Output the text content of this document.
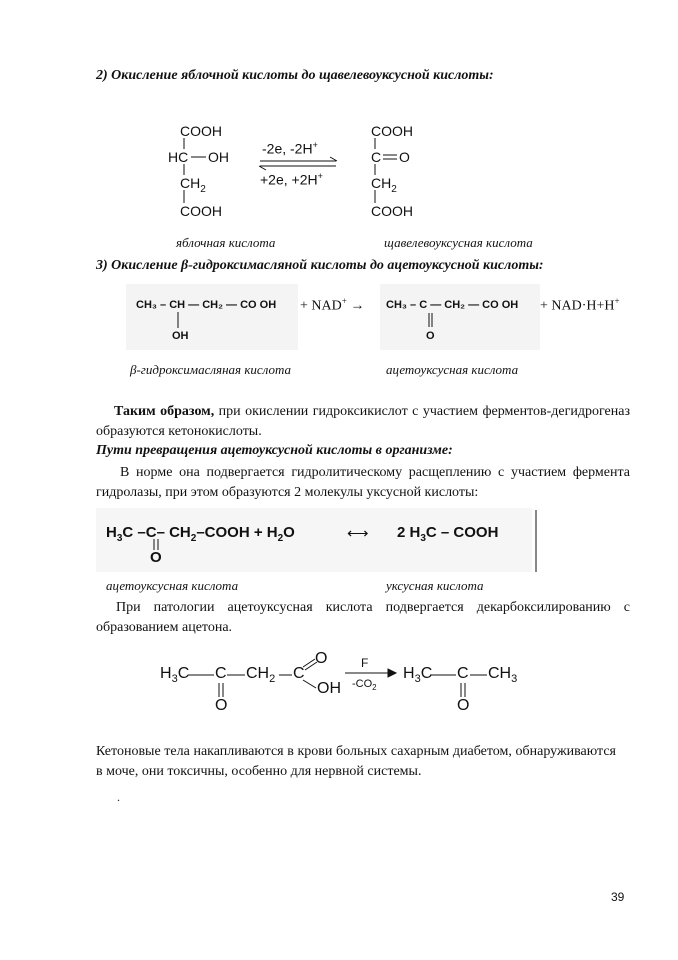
2) Окисление яблочной кислоты до щавелевоуксусной кислоты:
COOH
HC OH
$CH_2$
COOH
-2e, -2H+
+2e, +2H+
COOH
C O
$CH_2$
COOH
яблочная кислота	щавелевоуксусная кислота
3) Окисление β-гидроксимасляной кислоты до ацетоуксусной кислоты:
CH₃ – CH — CH₂ — CO OH
OH
+ NAD+ → CH₃ – C — CH₂ — CO OH
O
+ NAD·H+H+
β-гидроксимасляная кислота	ацетоуксусная кислота
Таким образом, при окислении гидроксикислот с участием ферментов-дегидрогеназ образуются кетонокислоты.
Пути превращения ацетоуксусной кислоты в организме:
В норме она подвергается гидролитическому расщеплению с участием фермента гидролазы, при этом образуются 2 молекулы уксусной кислоты:
$H_3C$ –C– $CH_2$–COOH + $H_2O$
O
⟷ 2 $H_3C$ – COOH
ацетоуксусная кислота	уксусная кислота
При патологии ацетоуксусная кислота подвергается декарбоксилированию с образованием ацетона.
$H_3C$ C $CH_2$ C
O
OH
O
F
$-CO_2$
$H_3C$ C $CH_3$
O
Кетоновые тела накапливаются в крови больных сахарным диабетом, обнаруживаются в моче, они токсичны, особенно для нервной системы.
.
39
